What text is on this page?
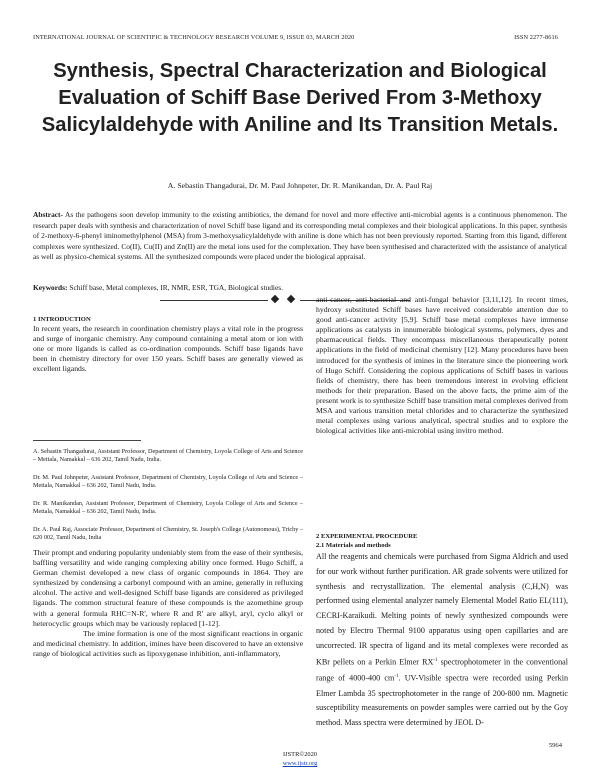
INTERNATIONAL JOURNAL OF SCIENTIFIC & TECHNOLOGY RESEARCH VOLUME 9, ISSUE 03, MARCH 2020	ISSN 2277-8616
Synthesis, Spectral Characterization and Biological Evaluation of Schiff Base Derived From 3-Methoxy Salicylaldehyde with Aniline and Its Transition Metals.
A. Sebastin Thangadurai, Dr. M. Paul Johnpeter, Dr. R. Manikandan, Dr. A. Paul Raj

Abstract- As the pathogens soon develop immunity to the existing antibiotics, the demand for novel and more effective anti-microbial agents is a continuous phenomenon. The research paper deals with synthesis and characterization of novel Schiff base ligand and its corresponding metal complexes and their biological applications. In this paper, synthesis of 2-methoxy-6-phenyl iminomethylphenol (MSA) from 3-methoxysalicylaldehyde with aniline is done which has not been previously reported. Starting from this ligand, different complexes were synthesized. Co(II), Cu(II) and Zn(II) are the metal ions used for the complexation. They have been synthesised and characterized with the assistance of analytical as well as physico-chemical systems. All the synthesized compounds were placed under the biological appraisal.

Keywords: Schiff base, Metal complexes, IR, NMR, ESR, TGA, Biological studies.

1 INTRODUCTION

In recent years, the research in coordination chemistry plays a vital role in the progress and surge of inorganic chemistry. Any compound containing a metal atom or ion with one or more ligands is called as co-ordination compounds. Schiff base ligands have been in chemistry directory for over 150 years. Schiff bases are generally viewed as excellent ligands.

A. Sebastin Thangadurai, Assistant Professor, Department of Chemistry, Loyola College of Arts and Science – Mettala, Namakkal – 636 202, Tamil Nadu, India.

Dr. M. Paul Johnpeter, Assistant Professor, Department of Chemistry, Loyola College of Arts and Science – Mettala, Namakkal – 636 202, Tamil Nadu, India.

Dr. R. Manikandan, Assistant Professor, Department of Chemistry, Loyola College of Arts and Science – Mettala, Namakkal – 636 202, Tamil Nadu, India.

Dr. A. Paul Raj, Associate Professor, Department of Chemistry, St. Joseph's College (Autonomous), Trichy – 620 002, Tamil Nadu, India

Their prompt and enduring popularity undeniably stem from the ease of their synthesis, baffling versatility and wide ranging complexing ability once formed. Hugo Schiff, a German chemist developed a new class of organic compounds in 1864. They are synthesized by condensing a carbonyl compound with an amine, generally in refluxing alcohol. The active and well-designed Schiff base ligands are considered as privileged ligands. The common structural feature of these compounds is the azomethine group with a general formula RHC=N-R', where R and R' are alkyl, aryl, cyclo alkyl or heterocyclic groups which may be variously replaced [1-12].

The imine formation is one of the most significant reactions in organic and medicinal chemistry. In addition, imines have been discovered to have an extensive range of biological activities such as lipoxygenase inhibition, anti-inflammatory,

anti-cancer, anti-bacterial and anti-fungal behavior [3,11,12]. In recent times, hydroxy substituted Schiff bases have received considerable attention due to good anti-cancer activity [5,9]. Schiff base metal complexes have immense applications as catalysts in innumerable biological systems, polymers, dyes and pharmaceutical fields. They encompass miscellaneous therapeutically potent applications in the field of medicinal chemistry [12]. Many procedures have been introduced for the synthesis of imines in the literature since the pioneering work of Hugo Schiff. Considering the copious applications of Schiff bases in various fields of chemistry, there has been tremendous interest in evolving efficient methods for their preparation. Based on the above facts, the prime aim of the present work is to synthesize Schiff base transition metal complexes derived from MSA and various transition metal chlorides and to characterize the synthesized metal complexes using various analytical, spectral studies and to explore the biological activities like anti-microbial using invitro method.

2 EXPERIMENTAL PROCEDURE

2.1 Materials and methods

All the reagents and chemicals were purchased from Sigma Aldrich and used for our work without further purification. AR grade solvents were utilized for synthesis and recrystallization. The elemental analysis (C,H,N) was performed using elemental analyzer namely Elemental Model Ratio EL(111), CECRI-Karaikudi. Melting points of newly synthesized compounds were noted by Electro Thermal 9100 apparatus using open capillaries and are uncorrected. IR spectra of ligand and its metal complexes were recorded as KBr pellets on a Perkin Elmer $RX^{-1}$ spectrophotometer in the conventional range of 4000-400 $cm^{-1}$. UV-Visible spectra were recorded using Perkin Elmer Lambda 35 spectrophotometer in the range of 200-800 nm. Magnetic susceptibility measurements on powder samples were carried out by the Goy method. Mass spectra were determined by JEOL D-

IJSTR©2020
www.ijstr.org
5964
